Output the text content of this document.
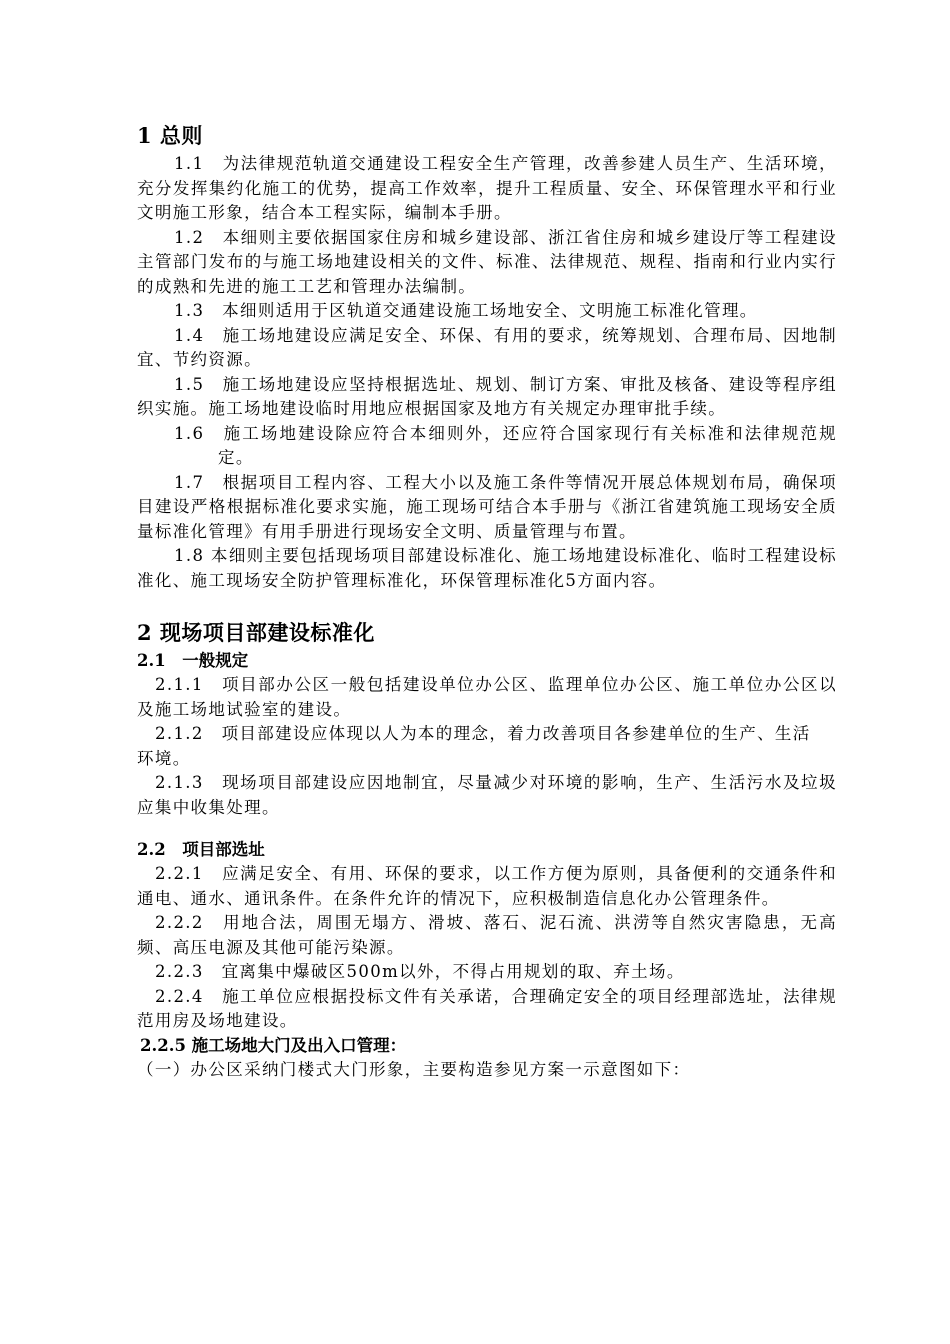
1 总则

1.1　为法律规范轨道交通建设工程安全生产管理，改善参建人员生产、生活环境，充分发挥集约化施工的优势，提高工作效率，提升工程质量、安全、环保管理水平和行业文明施工形象，结合本工程实际，编制本手册。

1.2　本细则主要依据国家住房和城乡建设部、浙江省住房和城乡建设厅等工程建设主管部门发布的与施工场地建设相关的文件、标准、法律规范、规程、指南和行业内实行的成熟和先进的施工工艺和管理办法编制。

1.3　本细则适用于区轨道交通建设施工场地安全、文明施工标准化管理。

1.4　施工场地建设应满足安全、环保、有用的要求，统筹规划、合理布局、因地制宜、节约资源。

1.5　施工场地建设应坚持根据选址、规划、制订方案、审批及核备、建设等程序组织实施。施工场地建设临时用地应根据国家及地方有关规定办理审批手续。

1.6　施工场地建设除应符合本细则外，还应符合国家现行有关标准和法律规范规定。

1.7　根据项目工程内容、工程大小以及施工条件等情况开展总体规划布局，确保项目建设严格根据标准化要求实施，施工现场可结合本手册与《浙江省建筑施工现场安全质量标准化管理》有用手册进行现场安全文明、质量管理与布置。

1.8 本细则主要包括现场项目部建设标准化、施工场地建设标准化、临时工程建设标准化、施工现场安全防护管理标准化，环保管理标准化5方面内容。

2 现场项目部建设标准化
2.1　一般规定

2.1.1　项目部办公区一般包括建设单位办公区、监理单位办公区、施工单位办公区以及施工场地试验室的建设。

2.1.2　项目部建设应体现以人为本的理念，着力改善项目各参建单位的生产、生活

环境。

2.1.3　现场项目部建设应因地制宜，尽量减少对环境的影响，生产、生活污水及垃圾应集中收集处理。

2.2　项目部选址

2.2.1　应满足安全、有用、环保的要求，以工作方便为原则，具备便利的交通条件和通电、通水、通讯条件。在条件允许的情况下，应积极制造信息化办公管理条件。

2.2.2　用地合法，周围无塌方、滑坡、落石、泥石流、洪涝等自然灾害隐患，无高频、高压电源及其他可能污染源。

2.2.3　宜离集中爆破区500m以外，不得占用规划的取、弃土场。

2.2.4　施工单位应根据投标文件有关承诺，合理确定安全的项目经理部选址，法律规范用房及场地建设。

2.2.5 施工场地大门及出入口管理：

（一）办公区采纳门楼式大门形象，主要构造参见方案一示意图如下：
